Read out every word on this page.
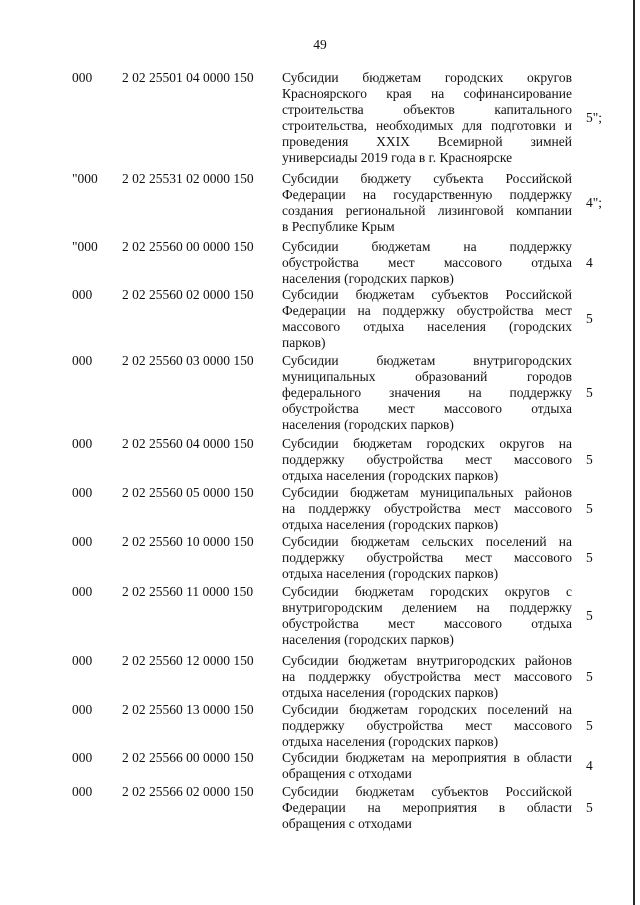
49
000 2 02 25501 04 0000 150 Субсидии бюджетам городских округов
Красноярского края на софинансирование
строительства объектов капитального
строительства, необходимых для подготовки и
проведения XXIX Всемирной зимней
универсиады 2019 года в г. Красноярске
5";
"000 2 02 25531 02 0000 150 Субсидии бюджету субъекта Российской
Федерации на государственную поддержку
создания региональной лизинговой компании
в Республике Крым
4";
"000 2 02 25560 00 0000 150 Субсидии бюджетам на поддержку
обустройства мест массового отдыха
населения (городских парков)
4
000 2 02 25560 02 0000 150 Субсидии бюджетам субъектов Российской
Федерации на поддержку обустройства мест
массового отдыха населения (городских
парков)
5
000 2 02 25560 03 0000 150 Субсидии бюджетам внутригородских
муниципальных образований городов
федерального значения на поддержку
обустройства мест массового отдыха
населения (городских парков)
5
000 2 02 25560 04 0000 150 Субсидии бюджетам городских округов на
поддержку обустройства мест массового
отдыха населения (городских парков)
5
000 2 02 25560 05 0000 150 Субсидии бюджетам муниципальных районов
на поддержку обустройства мест массового
отдыха населения (городских парков)
5
000 2 02 25560 10 0000 150 Субсидии бюджетам сельских поселений на
поддержку обустройства мест массового
отдыха населения (городских парков)
5
000 2 02 25560 11 0000 150 Субсидии бюджетам городских округов с
внутригородским делением на поддержку
обустройства мест массового отдыха
населения (городских парков)
5
000 2 02 25560 12 0000 150 Субсидии бюджетам внутригородских районов
на поддержку обустройства мест массового
отдыха населения (городских парков)
5
000 2 02 25560 13 0000 150 Субсидии бюджетам городских поселений на
поддержку обустройства мест массового
отдыха населения (городских парков)
5
000 2 02 25566 00 0000 150 Субсидии бюджетам на мероприятия в области
обращения с отходами
4
000 2 02 25566 02 0000 150 Субсидии бюджетам субъектов Российской
Федерации на мероприятия в области
обращения с отходами
5
